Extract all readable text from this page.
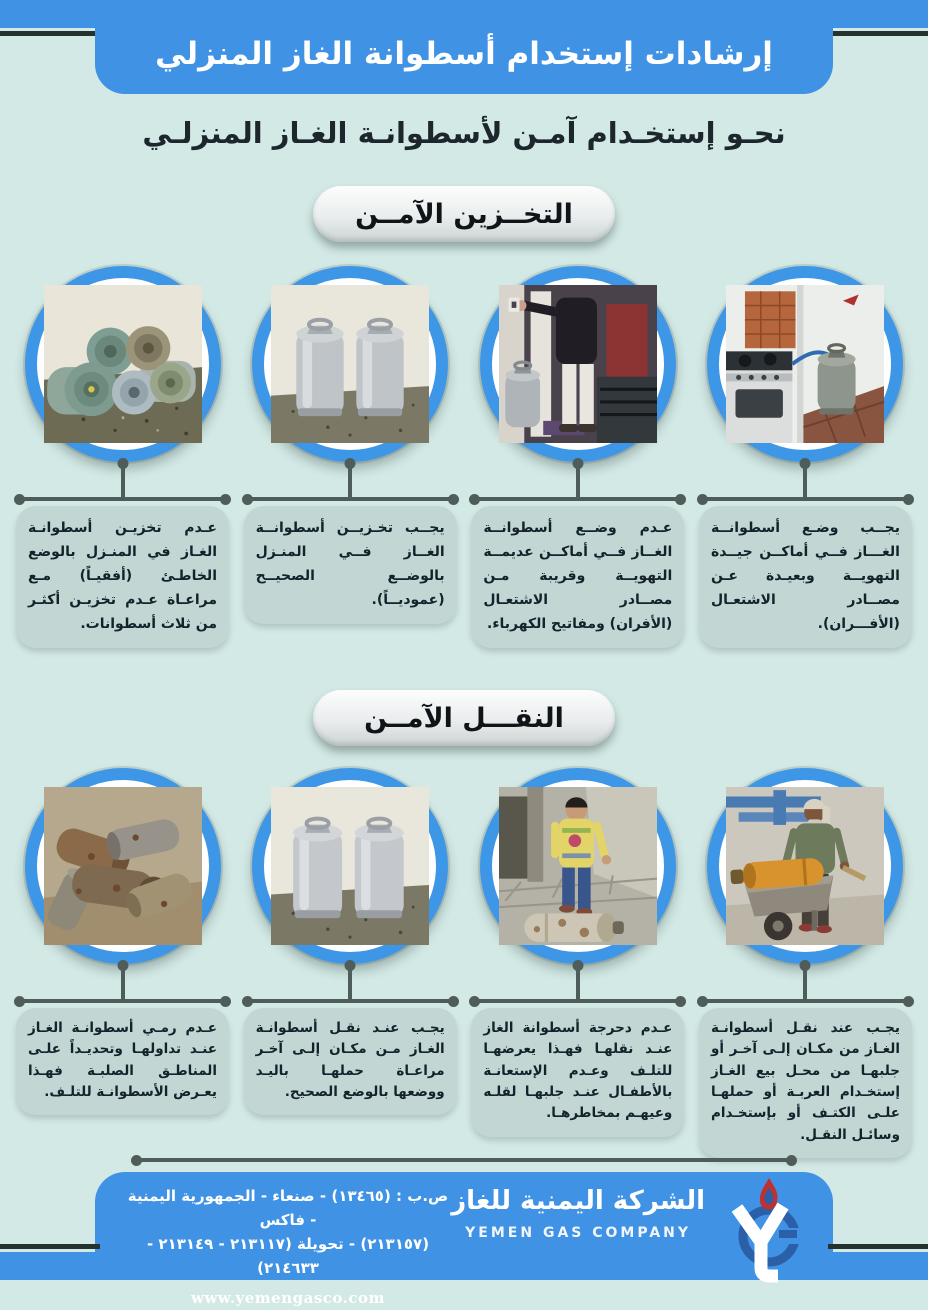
إرشادات إستخدام أسطوانة الغاز المنزلي
نحـو إستخـدام آمـن لأسطوانـة الغـاز المنزلـي
التخــزين الآمــن

عـدم تخزيـن أسطوانـة الغـاز في المنـزل بالوضع الخاطـئ (أفقيـاً) مـع مراعـاة عـدم تخزيـن أكثـر من ثلاث أسطوانات.

يجــب تخـزيــن أسطوانــة الغــاز فــي المنـزل بالوضــع الصحيــح (عموديــاً).

عـدم وضــع أسطوانــة الغــاز فــي أماكــن عديمــة التهويــة وقريبة مـن مصــادر الاشتعـال (الأفران) ومفاتيح الكهرباء.

يجــب وضـع أسطوانــة الغـــاز فــي أماكــن جيــدة التهويــة وبعيـدة عـن مصــادر الاشتعـال (الأفـــران).

النقـــل الآمــن

عـدم رمـي أسطوانـة الغـاز عنـد تداولهـا وتحديـداً علـى المناطـق الصلبـة فهـذا يعـرض الأسطوانـة للتلـف.

يجـب عنـد نقـل أسطوانـة الغـاز مـن مكـان إلـى آخـر مراعـاة حملهـا باليـد ووضعها بالوضع الصحيح.

عـدم دحرجة أسطوانة الغاز عنـد نقلهـا فهـذا يعرضهـا للتلـف وعـدم الإستعانـة بالأطفـال عنـد جلبهـا لقلـه وعيهـم بمخاطرهـا.

يجـب عند نقـل أسطوانـة الغـاز من مكـان إلـى آخـر أو جلبهـا من محـل بيع الغـاز إستخـدام العربـة أو حملهـا علـى الكتـف أو بإستخـدام وسائـل النقـل.

ص.ب : (١٣٤٦٥) - صنعاء - الجمهورية اليمنية - فاكس
(٢١٣١٥٧) - تحويلة (٢١٣١١٧ - ٢١٣١٤٩ - ٢١٤٦٣٣)
www.yemengasco.com
الشركة اليمنية للغاز
YEMEN GAS COMPANY
